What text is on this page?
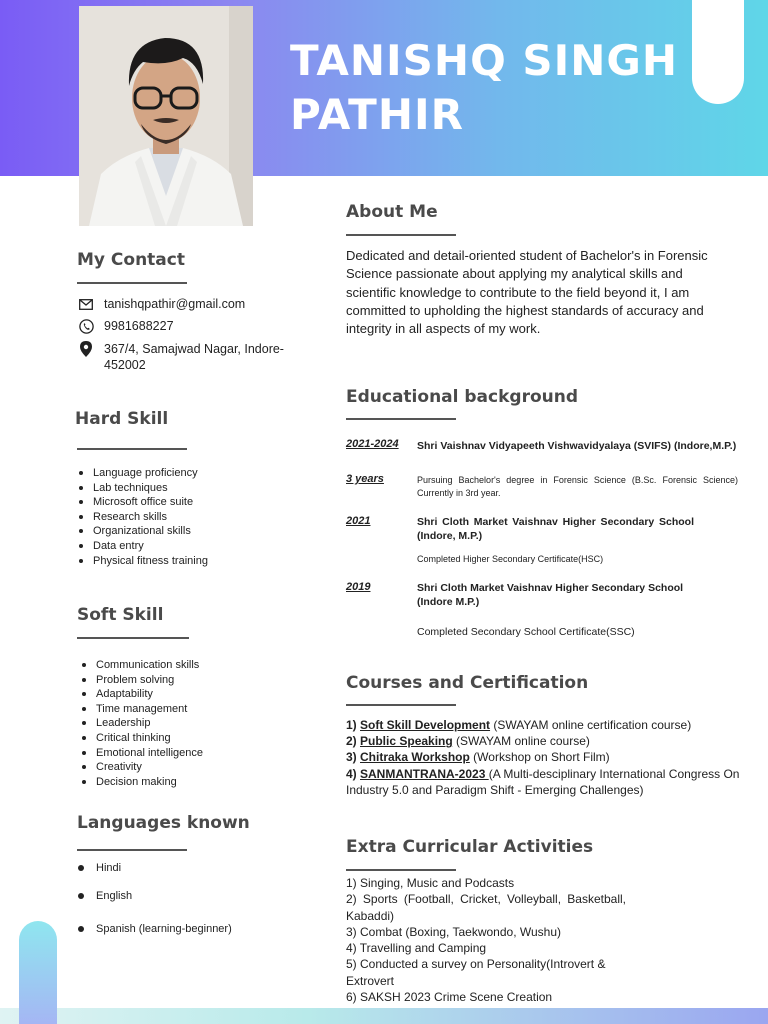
TANISHQ SINGH PATHIR
My Contact
tanishqpathir@gmail.com
9981688227
367/4, Samajwad Nagar, Indore-452002
Hard Skill
Language proficiency
Lab techniques
Microsoft office suite
Research skills
Organizational skills
Data entry
Physical fitness training
Soft Skill
Communication skills
Problem solving
Adaptability
Time management
Leadership
Critical thinking
Emotional intelligence
Creativity
Decision making
Languages known
Hindi
English
Spanish (learning-beginner)
About Me
Dedicated and detail-oriented student of Bachelor's in Forensic Science passionate about applying my analytical skills and scientific knowledge to contribute to the field beyond it, I am committed to upholding the highest standards of accuracy and integrity in all aspects of my work.
Educational background
2021-2024 Shri Vaishnav Vidyapeeth Vishwavidyalaya (SVIFS) (Indore,M.P.)
3 years	Pursuing Bachelor's degree in Forensic Science (B.Sc. Forensic Science) Currently in 3rd year.
2021	Shri Cloth Market Vaishnav Higher Secondary School (Indore, M.P.)
Completed Higher Secondary Certificate(HSC)
2019	Shri Cloth Market Vaishnav Higher Secondary School (Indore M.P.)
Completed Secondary School Certificate(SSC)
Courses and Certification
1) Soft Skill Development (SWAYAM online certification course)
2) Public Speaking (SWAYAM online course)
3) Chitraka Workshop (Workshop on Short Film)
4) SANMANTRANA-2023 (A Multi-desciplinary International Congress On Industry 5.0 and Paradigm Shift - Emerging Challenges)
Extra Curricular Activities
1) Singing, Music and Podcasts
2) Sports (Football, Cricket, Volleyball, Basketball, Kabaddi)
3) Combat (Boxing, Taekwondo, Wushu)
4) Travelling and Camping
5) Conducted a survey on Personality(Introvert & Extrovert
6) SAKSH 2023 Crime Scene Creation
